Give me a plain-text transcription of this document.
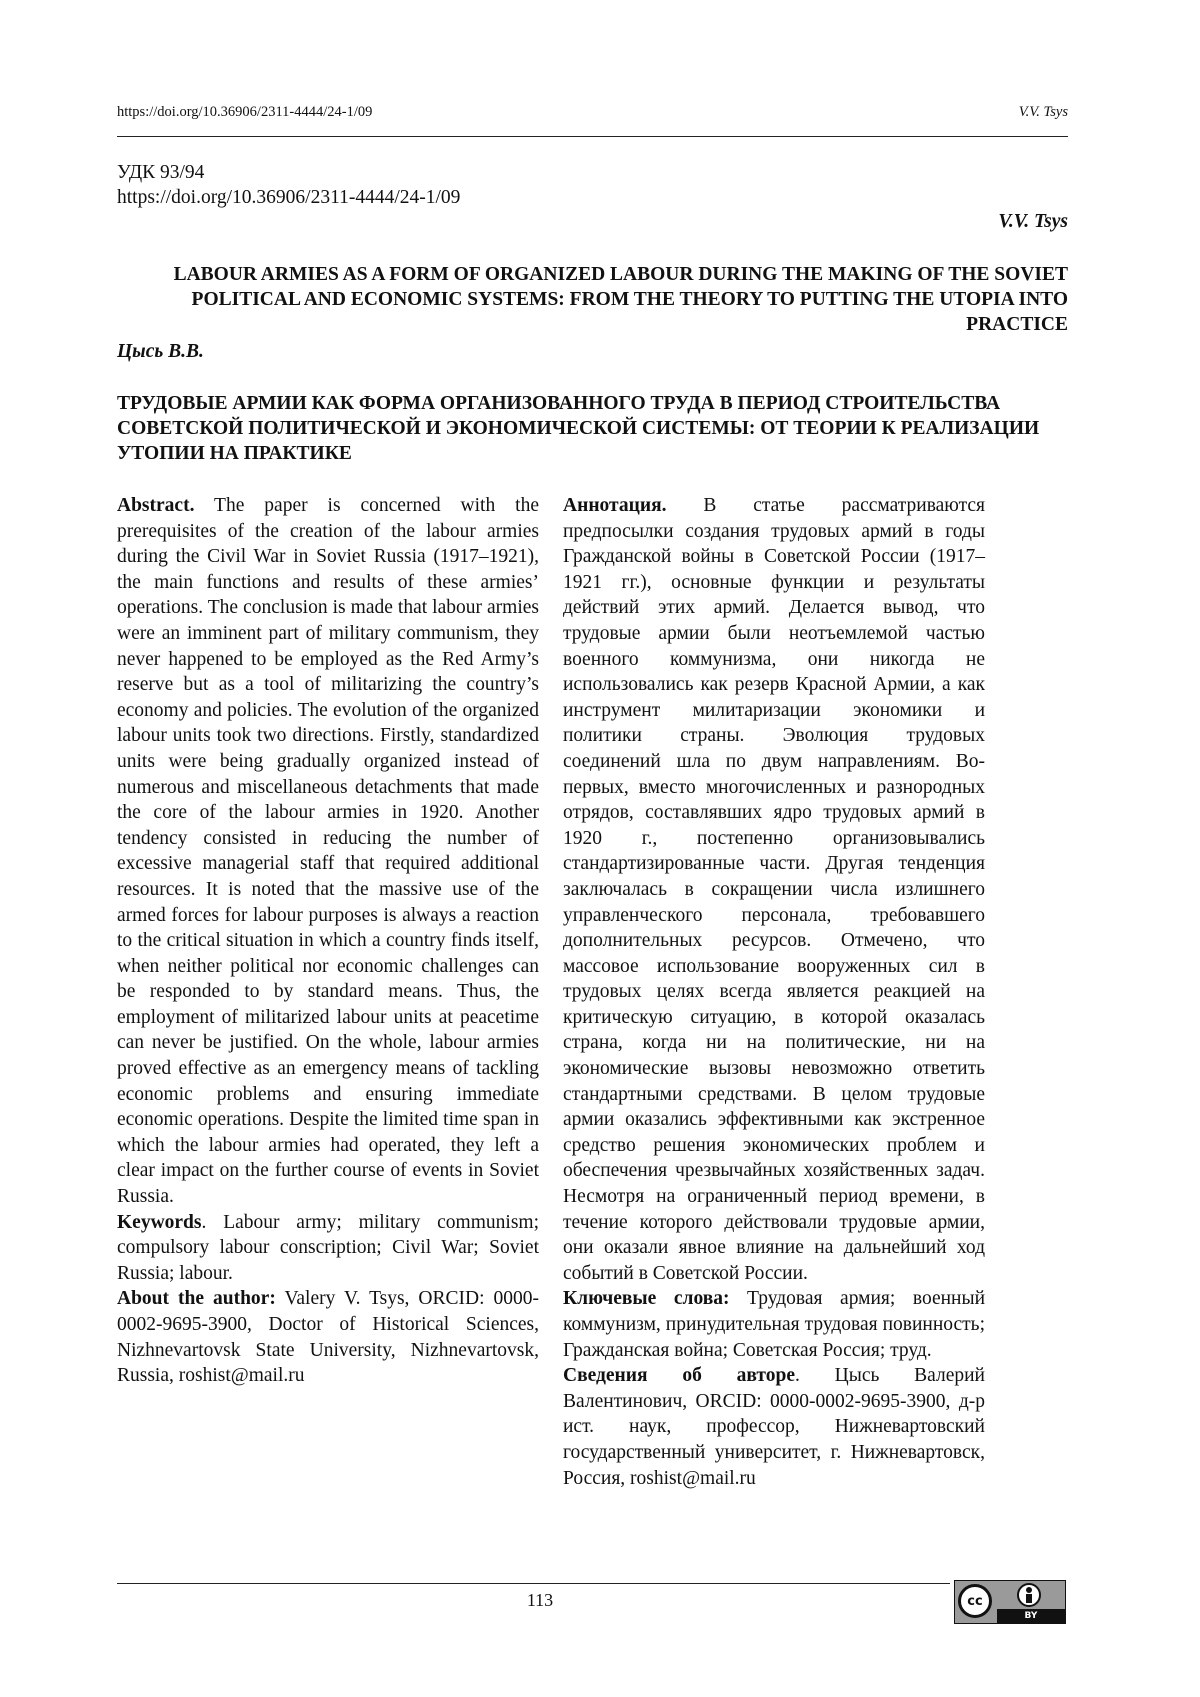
https://doi.org/10.36906/2311-4444/24-1/09	V.V. Tsys
УДК 93/94
https://doi.org/10.36906/2311-4444/24-1/09
V.V. Tsys
LABOUR ARMIES AS A FORM OF ORGANIZED LABOUR DURING THE MAKING OF THE SOVIET POLITICAL AND ECONOMIC SYSTEMS: FROM THE THEORY TO PUTTING THE UTOPIA INTO PRACTICE
Цысь В.В.
ТРУДОВЫЕ АРМИИ КАК ФОРМА ОРГАНИЗОВАННОГО ТРУДА В ПЕРИОД СТРОИТЕЛЬСТВА СОВЕТСКОЙ ПОЛИТИЧЕСКОЙ И ЭКОНОМИЧЕСКОЙ СИСТЕМЫ: ОТ ТЕОРИИ К РЕАЛИЗАЦИИ УТОПИИ НА ПРАКТИКЕ

Abstract. The paper is concerned with the prerequisites of the creation of the labour armies during the Civil War in Soviet Russia (1917–1921), the main functions and results of these armies’ operations. The conclusion is made that labour armies were an imminent part of military communism, they never happened to be employed as the Red Army’s reserve but as a tool of militarizing the country’s economy and policies. The evolution of the organized labour units took two directions. Firstly, standardized units were being gradually organized instead of numerous and miscellaneous detachments that made the core of the labour armies in 1920. Another tendency consisted in reducing the number of excessive managerial staff that required additional resources. It is noted that the massive use of the armed forces for labour purposes is always a reaction to the critical situation in which a country finds itself, when neither political nor economic challenges can be responded to by standard means. Thus, the employment of militarized labour units at peacetime can never be justified. On the whole, labour armies proved effective as an emergency means of tackling economic problems and ensuring immediate economic operations. Despite the limited time span in which the labour armies had operated, they left a clear impact on the further course of events in Soviet Russia.

Keywords. Labour army; military communism; compulsory labour conscription; Civil War; Soviet Russia; labour.

About the author: Valery V. Tsys, ORCID: 0000-0002-9695-3900, Doctor of Historical Sciences, Nizhnevartovsk State University, Nizhnevartovsk, Russia, roshist@mail.ru

Аннотация. В статье рассматриваются предпосылки создания трудовых армий в годы Гражданской войны в Советской России (1917–1921 гг.), основные функции и результаты действий этих армий. Делается вывод, что трудовые армии были неотъемлемой частью военного коммунизма, они никогда не использовались как резерв Красной Армии, а как инструмент милитаризации экономики и политики страны. Эволюция трудовых соединений шла по двум направлениям. Во-первых, вместо многочисленных и разнородных отрядов, составлявших ядро трудовых армий в 1920 г., постепенно организовывались стандартизированные части. Другая тенденция заключалась в сокращении числа излишнего управленческого персонала, требовавшего дополнительных ресурсов. Отмечено, что массовое использование вооруженных сил в трудовых целях всегда является реакцией на критическую ситуацию, в которой оказалась страна, когда ни на политические, ни на экономические вызовы невозможно ответить стандартными средствами. В целом трудовые армии оказались эффективными как экстренное средство решения экономических проблем и обеспечения чрезвычайных хозяйственных задач. Несмотря на ограниченный период времени, в течение которого действовали трудовые армии, они оказали явное влияние на дальнейший ход событий в Советской России.

Ключевые слова: Трудовая армия; военный коммунизм, принудительная трудовая повинность; Гражданская война; Советская Россия; труд.

Сведения об авторе. Цысь Валерий Валентинович, ORCID: 0000-0002-9695-3900, д-р ист. наук, профессор, Нижневартовский государственный университет, г. Нижневартовск, Россия, roshist@mail.ru

113	cc
BY
